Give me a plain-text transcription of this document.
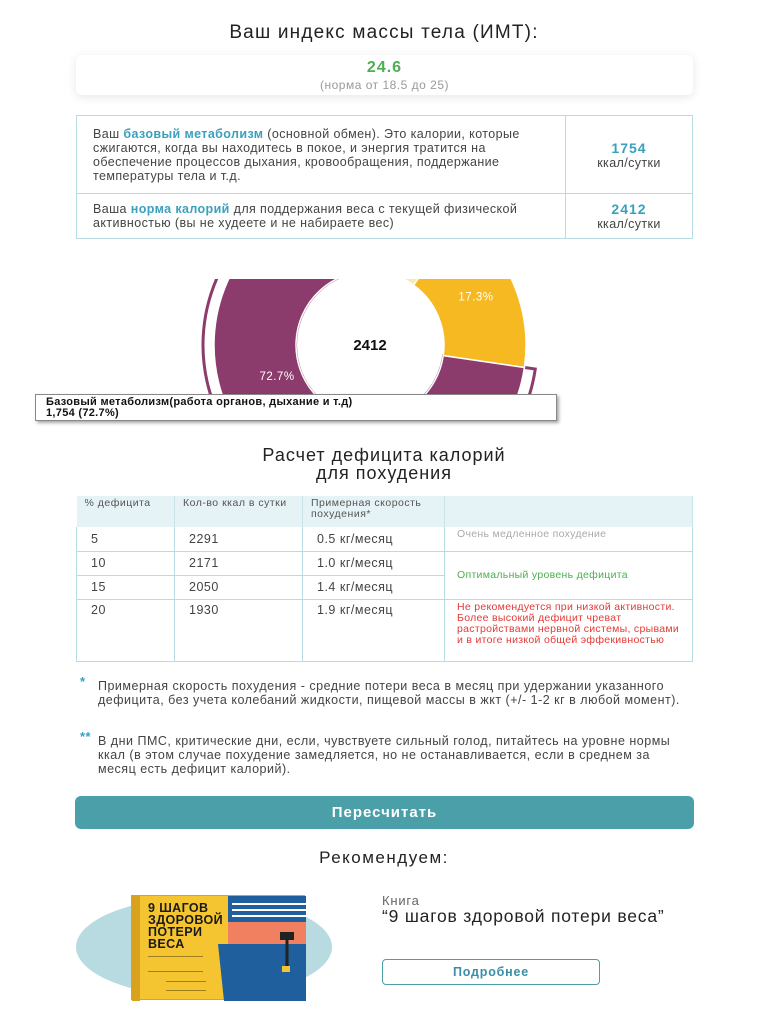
Ваш индекс массы тела (ИМТ):
24.6
(норма от 18.5 до 25)
Ваш базовый метаболизм (основной обмен). Это калории, которые сжигаются, когда вы находитесь в покое, и энергия тратится на обеспечение процессов дыхания, кровообращения, поддержание температуры тела и т.д.	1754
ккал/сутки

Ваша норма калорий для поддержания веса с текущей физической активностью (вы не худеете и не набираете вес)	2412
ккал/сутки
10%
17.3%
72.7%
2412
Базовый метаболизм(работа органов, дыхание и т.д)
1,754 (72.7%)
Расчет дефицита калорий
для похудения
% дефицита	Кол-во ккал в сутки	Примерная скорость похудения*	
5	2291	0.5 кг/месяц	Очень медленное похудение
10	2171	1.0 кг/месяц	Оптимальный уровень дефицита
15	2050	1.4 кг/месяц	
20	1930	1.9 кг/месяц	Не рекомендуется при низкой активности. Более высокий дефицит чреват растройствами нервной системы, срывами и в итоге низкой общей эффекивностью
* Примерная скорость похудения - средние потери веса в месяц при удержании указанного дефицита, без учета колебаний жидкости, пищевой массы в жкт (+/- 1-2 кг в любой момент).
** В дни ПМС, критические дни, если, чувствуете сильный голод, питайтесь на уровне нормы ккал (в этом случае похудение замедляется, но не останавливается, если в среднем за месяц есть дефицит калорий).
Пересчитать
Рекомендуем:
9 ШАГОВ ЗДОРОВОЙ ПОТЕРИ ВЕСА
Книга
“9 шагов здоровой потери веса”
Подробнее
